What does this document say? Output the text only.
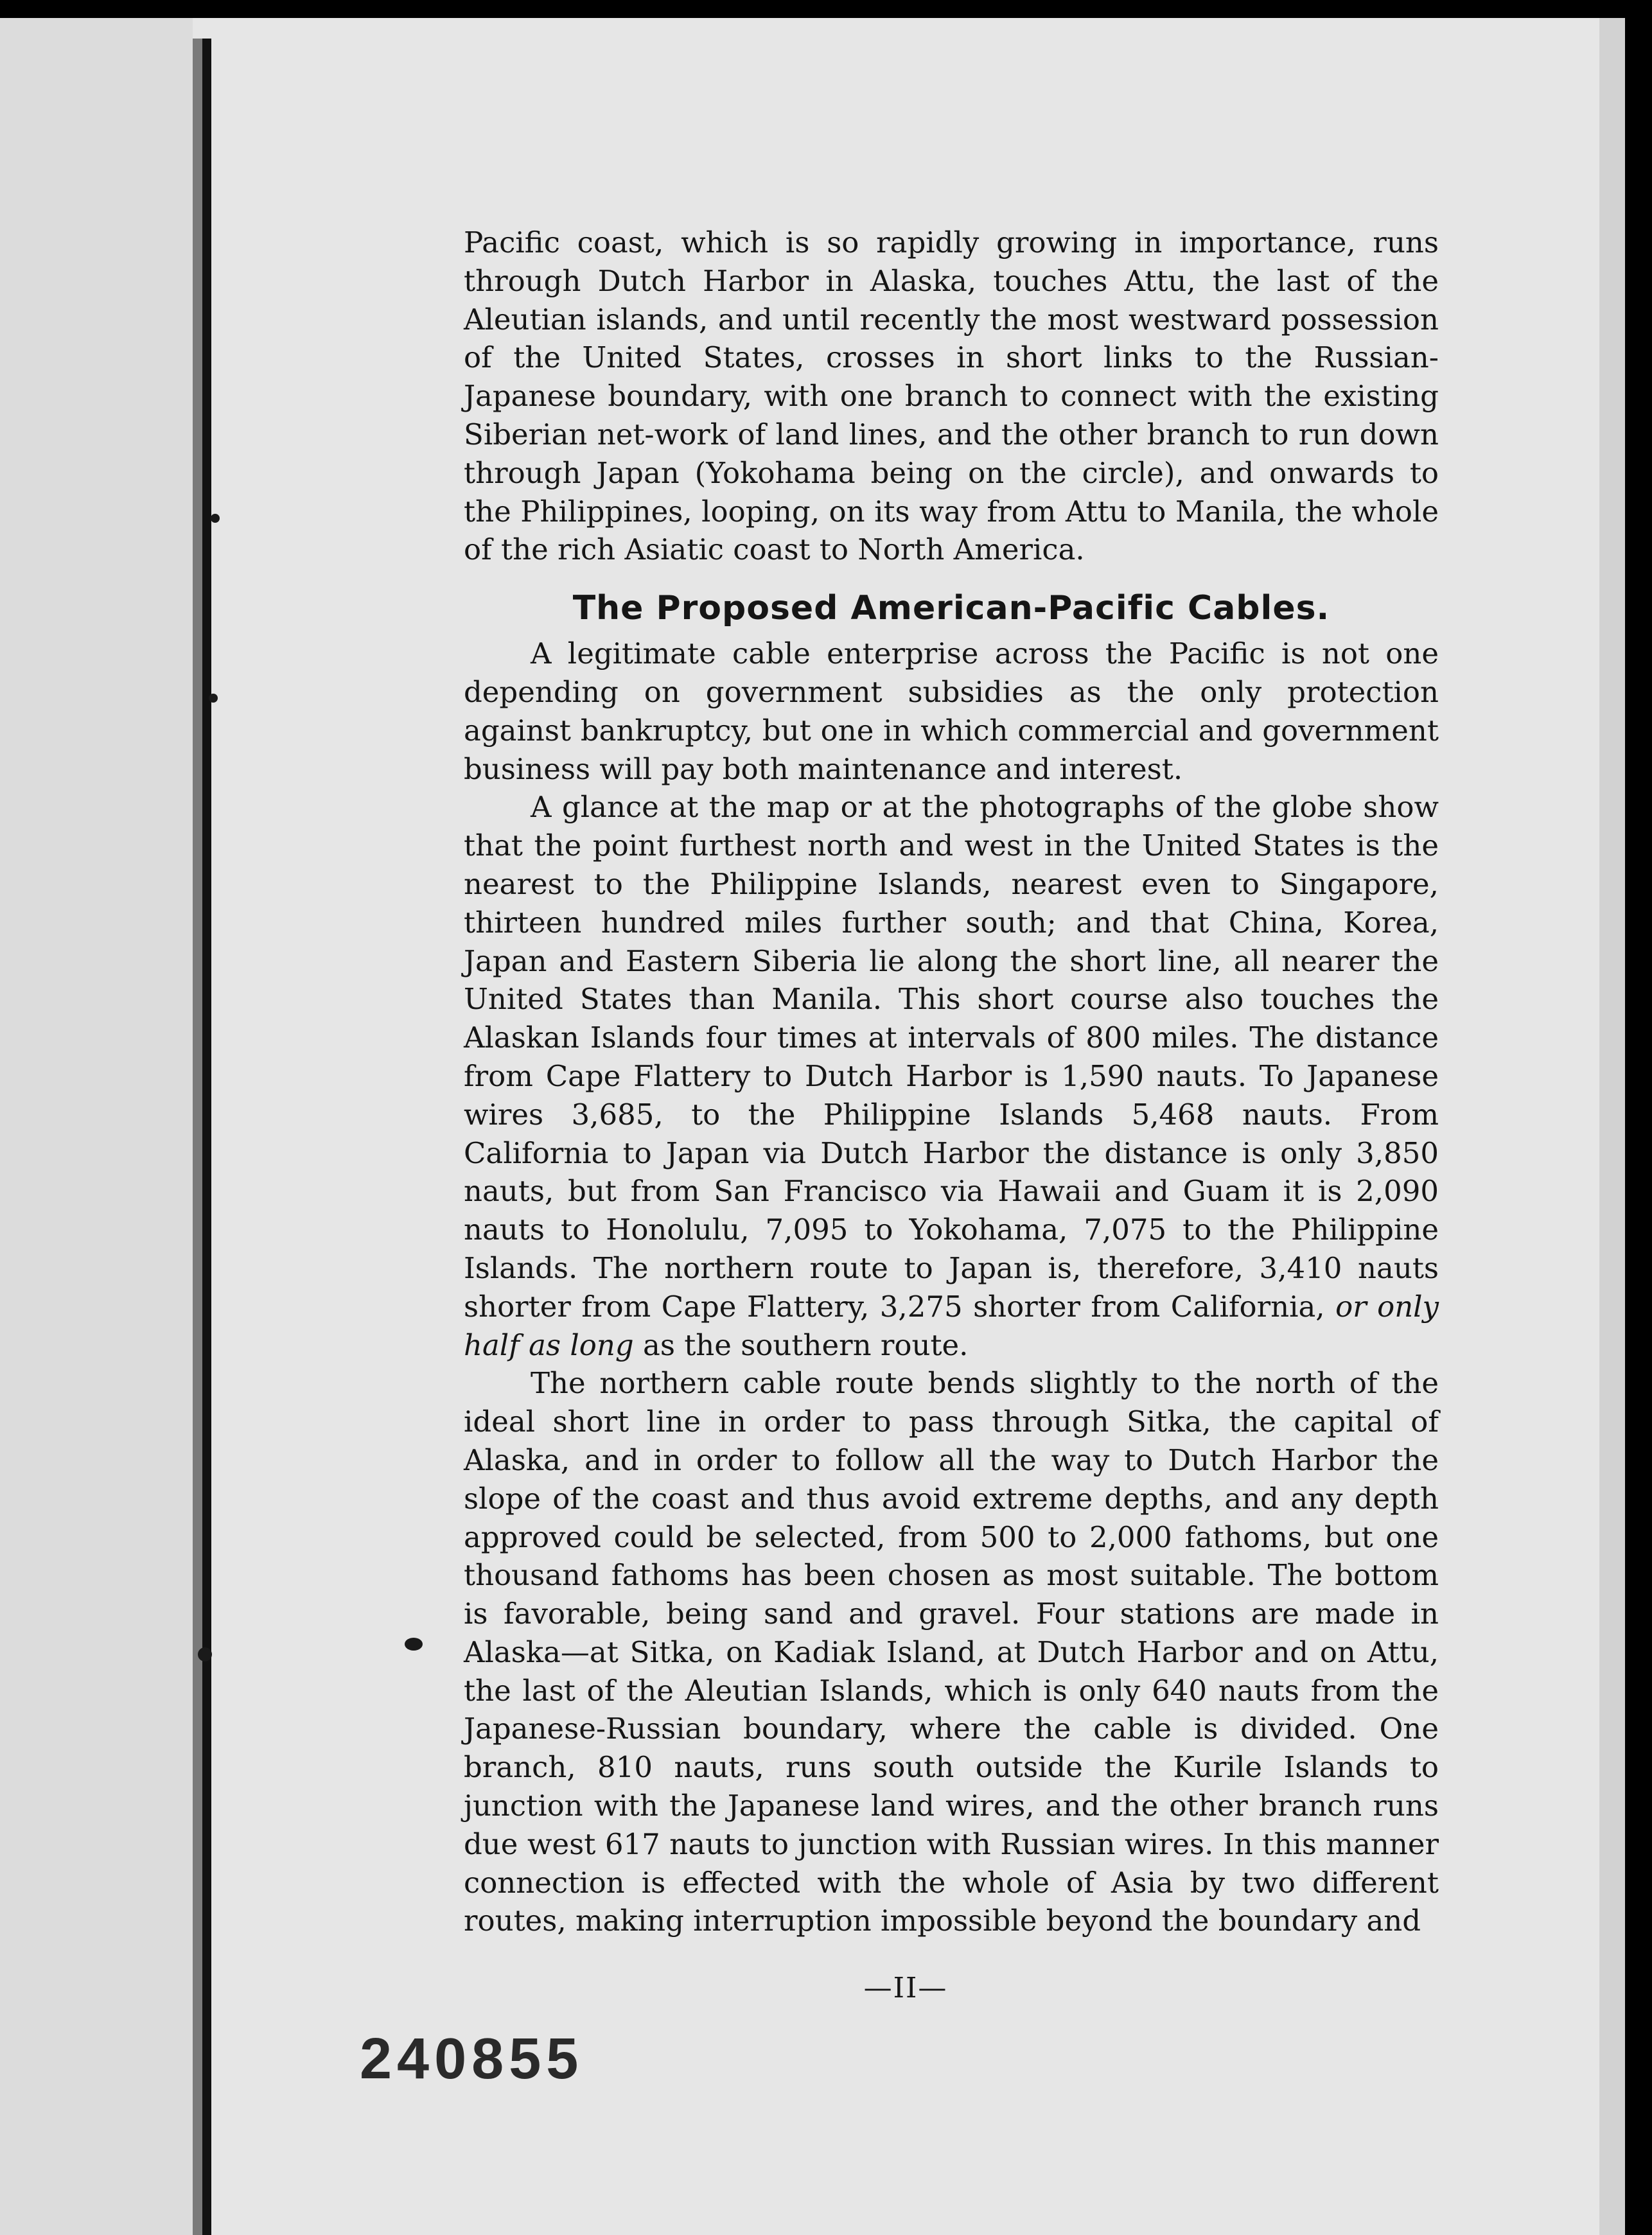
Pacific coast, which is so rapidly growing in importance, runs through Dutch Harbor in Alaska, touches Attu, the last of the Aleutian islands, and until recently the most westward possession of the United States, crosses in short links to the Russian-Japanese boundary, with one branch to connect with the existing Siberian net-work of land lines, and the other branch to run down through Japan (Yokohama being on the circle), and onwards to the Philippines, looping, on its way from Attu to Manila, the whole of the rich Asiatic coast to North America.

The Proposed American-Pacific Cables.

A legitimate cable enterprise across the Pacific is not one depending on government subsidies as the only protection against bankruptcy, but one in which commercial and government business will pay both maintenance and interest.

A glance at the map or at the photographs of the globe show that the point furthest north and west in the United States is the nearest to the Philippine Islands, nearest even to Singapore, thirteen hundred miles further south; and that China, Korea, Japan and Eastern Siberia lie along the short line, all nearer the United States than Manila. This short course also touches the Alaskan Islands four times at intervals of 800 miles. The distance from Cape Flattery to Dutch Harbor is 1,590 nauts. To Japanese wires 3,685, to the Philippine Islands 5,468 nauts. From California to Japan via Dutch Harbor the distance is only 3,850 nauts, but from San Francisco via Hawaii and Guam it is 2,090 nauts to Honolulu, 7,095 to Yokohama, 7,075 to the Philippine Islands. The northern route to Japan is, therefore, 3,410 nauts shorter from Cape Flattery, 3,275 shorter from California, or only half as long as the southern route.

The northern cable route bends slightly to the north of the ideal short line in order to pass through Sitka, the capital of Alaska, and in order to follow all the way to Dutch Harbor the slope of the coast and thus avoid extreme depths, and any depth approved could be selected, from 500 to 2,000 fathoms, but one thousand fathoms has been chosen as most suitable. The bottom is favorable, being sand and gravel. Four stations are made in Alaska—at Sitka, on Kadiak Island, at Dutch Harbor and on Attu, the last of the Aleutian Islands, which is only 640 nauts from the Japanese-Russian boundary, where the cable is divided. One branch, 810 nauts, runs south outside the Kurile Islands to junction with the Japanese land wires, and the other branch runs due west 617 nauts to junction with Russian wires. In this manner connection is effected with the whole of Asia by two different routes, making interruption impossible beyond the boundary and

—II—
240855
